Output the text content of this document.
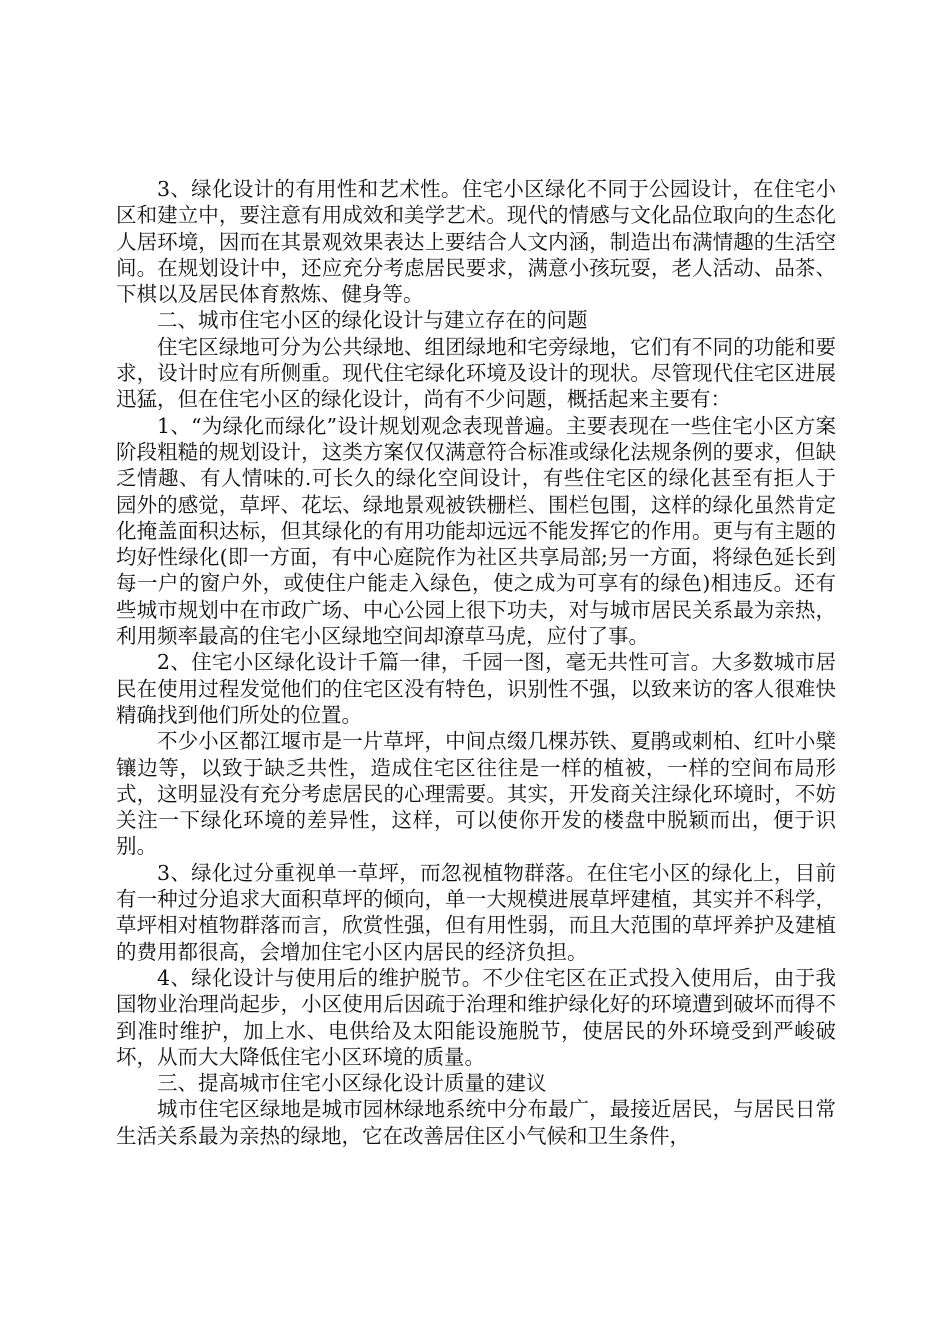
3、绿化设计的有用性和艺术性。住宅小区绿化不同于公园设计，在住宅小区和建立中，要注意有用成效和美学艺术。现代的情感与文化品位取向的生态化人居环境，因而在其景观效果表达上要结合人文内涵，制造出布满情趣的生活空间。在规划设计中，还应充分考虑居民要求，满意小孩玩耍，老人活动、品茶、下棋以及居民体育熬炼、健身等。

二、城市住宅小区的绿化设计与建立存在的问题

住宅区绿地可分为公共绿地、组团绿地和宅旁绿地，它们有不同的功能和要求，设计时应有所侧重。现代住宅绿化环境及设计的现状。尽管现代住宅区进展迅猛，但在住宅小区的绿化设计，尚有不少问题，概括起来主要有：

1、“为绿化而绿化”设计规划观念表现普遍。主要表现在一些住宅小区方案阶段粗糙的规划设计，这类方案仅仅满意符合标准或绿化法规条例的要求，但缺乏情趣、有人情味的.可长久的绿化空间设计，有些住宅区的绿化甚至有拒人于园外的感觉，草坪、花坛、绿地景观被铁栅栏、围栏包围，这样的绿化虽然肯定化掩盖面积达标，但其绿化的有用功能却远远不能发挥它的作用。更与有主题的均好性绿化(即一方面，有中心庭院作为社区共享局部;另一方面，将绿色延长到每一户的窗户外，或使住户能走入绿色，使之成为可享有的绿色)相违反。还有些城市规划中在市政广场、中心公园上很下功夫，对与城市居民关系最为亲热，利用频率最高的住宅小区绿地空间却潦草马虎，应付了事。

2、住宅小区绿化设计千篇一律，千园一图，毫无共性可言。大多数城市居民在使用过程发觉他们的住宅区没有特色，识别性不强，以致来访的客人很难快精确找到他们所处的位置。

不少小区都江堰市是一片草坪，中间点缀几棵苏铁、夏鹃或刺柏、红叶小檗镶边等，以致于缺乏共性，造成住宅区往往是一样的植被，一样的空间布局形式，这明显没有充分考虑居民的心理需要。其实，开发商关注绿化环境时，不妨关注一下绿化环境的差异性，这样，可以使你开发的楼盘中脱颖而出，便于识别。

3、绿化过分重视单一草坪，而忽视植物群落。在住宅小区的绿化上，目前有一种过分追求大面积草坪的倾向，单一大规模进展草坪建植，其实并不科学，草坪相对植物群落而言，欣赏性强，但有用性弱，而且大范围的草坪养护及建植的费用都很高，会增加住宅小区内居民的经济负担。

4、绿化设计与使用后的维护脱节。不少住宅区在正式投入使用后，由于我国物业治理尚起步，小区使用后因疏于治理和维护绿化好的环境遭到破坏而得不到准时维护，加上水、电供给及太阳能设施脱节，使居民的外环境受到严峻破坏，从而大大降低住宅小区环境的质量。

三、提高城市住宅小区绿化设计质量的建议

城市住宅区绿地是城市园林绿地系统中分布最广，最接近居民，与居民日常生活关系最为亲热的绿地，它在改善居住区小气候和卫生条件，
